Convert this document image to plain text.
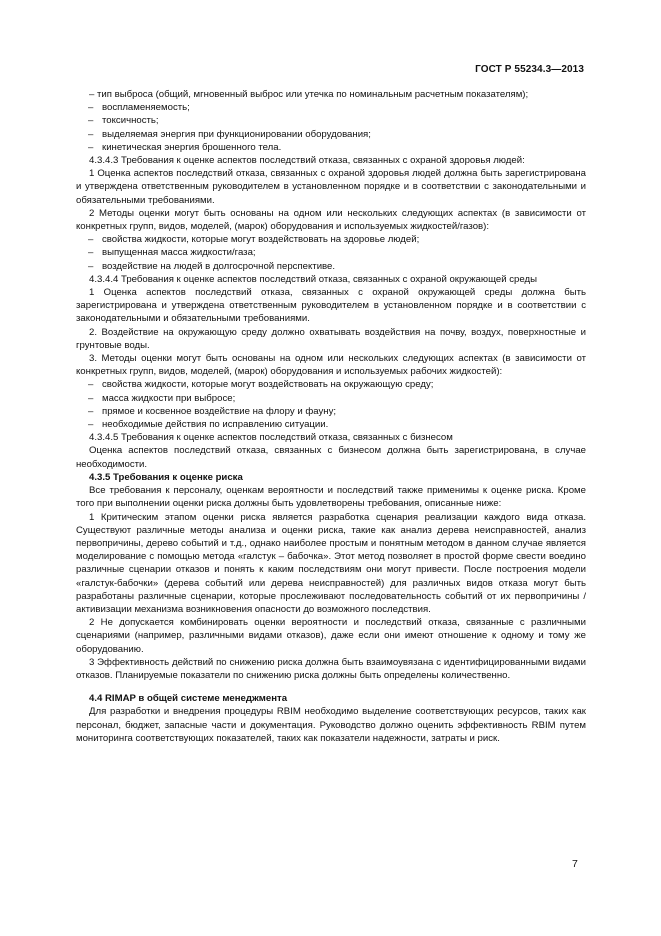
ГОСТ Р 55234.3—2013
– тип выброса (общий, мгновенный выброс или утечка по номинальным расчетным показателям);
– воспламеняемость;
– токсичность;
– выделяемая энергия при функционировании оборудования;
– кинетическая энергия брошенного тела.

4.3.4.3 Требования к оценке аспектов последствий отказа, связанных с охраной здоровья людей:

1 Оценка аспектов последствий отказа, связанных с охраной здоровья людей должна быть зарегистрирована и утверждена ответственным руководителем в установленном порядке и в соответствии с законодательными и обязательными требованиями.

2 Методы оценки могут быть основаны на одном или нескольких следующих аспектах (в зависимости от конкретных групп, видов, моделей, (марок) оборудования и используемых жидкостей/газов):

– свойства жидкости, которые могут воздействовать на здоровье людей;
– выпущенная масса жидкости/газа;
– воздействие на людей в долгосрочной перспективе.

4.3.4.4 Требования к оценке аспектов последствий отказа, связанных с охраной окружающей среды

1 Оценка аспектов последствий отказа, связанных с охраной окружающей среды должна быть зарегистрирована и утверждена ответственным руководителем в установленном порядке и в соответствии с законодательными и обязательными требованиями.

2. Воздействие на окружающую среду должно охватывать воздействия на почву, воздух, поверхностные и грунтовые воды.

3. Методы оценки могут быть основаны на одном или нескольких следующих аспектах (в зависимости от конкретных групп, видов, моделей, (марок) оборудования и используемых рабочих жидкостей):

– свойства жидкости, которые могут воздействовать на окружающую среду;
– масса жидкости при выбросе;
– прямое и косвенное воздействие на флору и фауну;
– необходимые действия по исправлению ситуации.

4.3.4.5 Требования к оценке аспектов последствий отказа, связанных с бизнесом

Оценка аспектов последствий отказа, связанных с бизнесом должна быть зарегистрирована, в случае необходимости.

4.3.5 Требования к оценке риска

Все требования к персоналу, оценкам вероятности и последствий также применимы к оценке риска. Кроме того при выполнении оценки риска должны быть удовлетворены требования, описанные ниже:

1 Критическим этапом оценки риска является разработка сценария реализации каждого вида отказа. Существуют различные методы анализа и оценки риска, такие как анализ дерева неисправностей, анализ первопричины, дерево событий и т.д., однако наиболее простым и понятным методом в данном случае является моделирование с помощью метода «галстук – бабочка». Этот метод позволяет в простой форме свести воедино различные сценарии отказов и понять к каким последствиям они могут привести. После построения модели «галстук-бабочки» (дерева событий или дерева неисправностей) для различных видов отказа могут быть разработаны различные сценарии, которые прослеживают последовательность событий от их первопричины / активизации механизма возникновения опасности до возможного последствия.

2 Не допускается комбинировать оценки вероятности и последствий отказа, связанные с различными сценариями (например, различными видами отказов), даже если они имеют отношение к одному и тому же оборудованию.

3 Эффективность действий по снижению риска должна быть взаимоувязана с идентифицированными видами отказов. Планируемые показатели по снижению риска должны быть определены количественно.

4.4 RIMAP в общей системе менеджмента

Для разработки и внедрения процедуры RBIM необходимо выделение соответствующих ресурсов, таких как персонал, бюджет, запасные части и документация. Руководство должно оценить эффективность RBIM путем мониторинга соответствующих показателей, таких как показатели надежности, затраты и риск.

7
